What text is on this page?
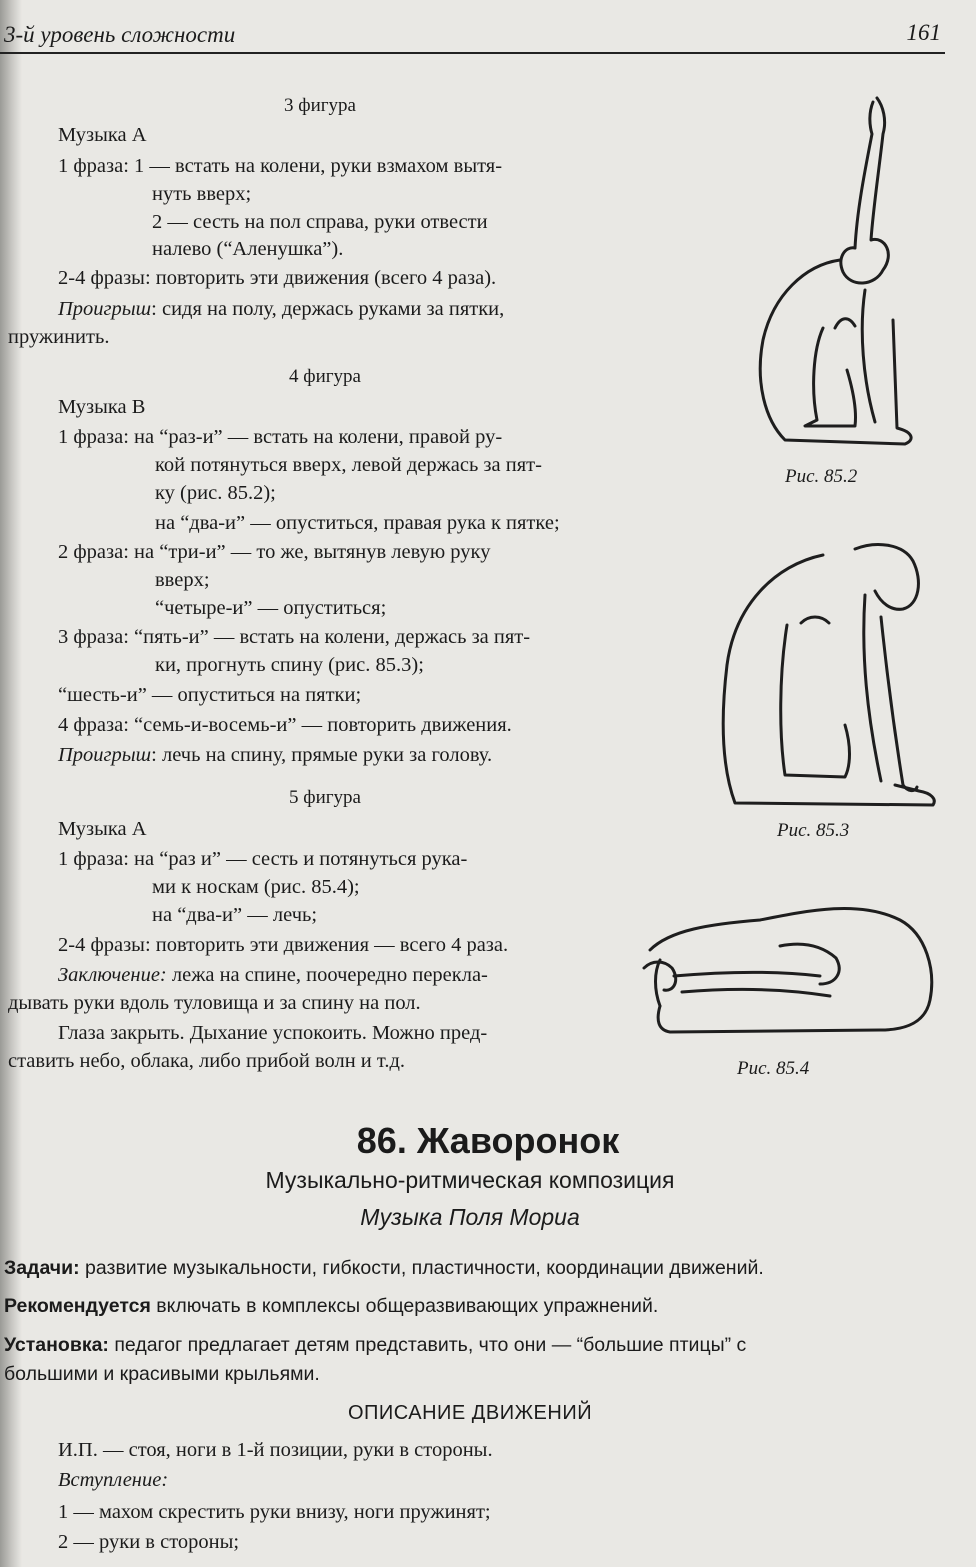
3-й уровень сложности	161
3 фигура
Музыка А
1 фраза: 1 — встать на колени, руки взмахом вытя-
нуть вверх;
2 — сесть на пол справа, руки отвести
налево (“Аленушка”).
2-4 фразы: повторить эти движения (всего 4 раза).
Проигрыш: сидя на полу, держась руками за пятки,
пружинить.
4 фигура
Музыка В
1 фраза: на “раз-и” — встать на колени, правой ру-
кой потянуться вверх, левой держась за пят-
ку (рис. 85.2);
на “два-и” — опуститься, правая рука к пятке;
2 фраза: на “три-и” — то же, вытянув левую руку
вверх;
“четыре-и” — опуститься;
3 фраза: “пять-и” — встать на колени, держась за пят-
ки, прогнуть спину (рис. 85.3);
“шесть-и” — опуститься на пятки;
4 фраза: “семь-и-восемь-и” — повторить движения.
Проигрыш: лечь на спину, прямые руки за голову.
5 фигура
Музыка А
1 фраза: на “раз и” — сесть и потянуться рука-
ми к носкам (рис. 85.4);
на “два-и” — лечь;
2-4 фразы: повторить эти движения — всего 4 раза.
Заключение: лежа на спине, поочередно перекла-
дывать руки вдоль туловища и за спину на пол.
Глаза закрыть. Дыхание успокоить. Можно пред-
ставить небо, облака, либо прибой волн и т.д.
Рис. 85.2
Рис. 85.3
Рис. 85.4
86. Жаворонок
Музыкально-ритмическая композиция
Музыка Поля Мориа
Задачи: развитие музыкальности, гибкости, пластичности, координации движений.
Рекомендуется включать в комплексы общеразвивающих упражнений.
Установка: педагог предлагает детям представить, что они — “большие птицы” с
большими и красивыми крыльями.
ОПИСАНИЕ ДВИЖЕНИЙ
И.П. — стоя, ноги в 1-й позиции, руки в стороны.
Вступление:
1 — махом скрестить руки внизу, ноги пружинят;
2 — руки в стороны;
